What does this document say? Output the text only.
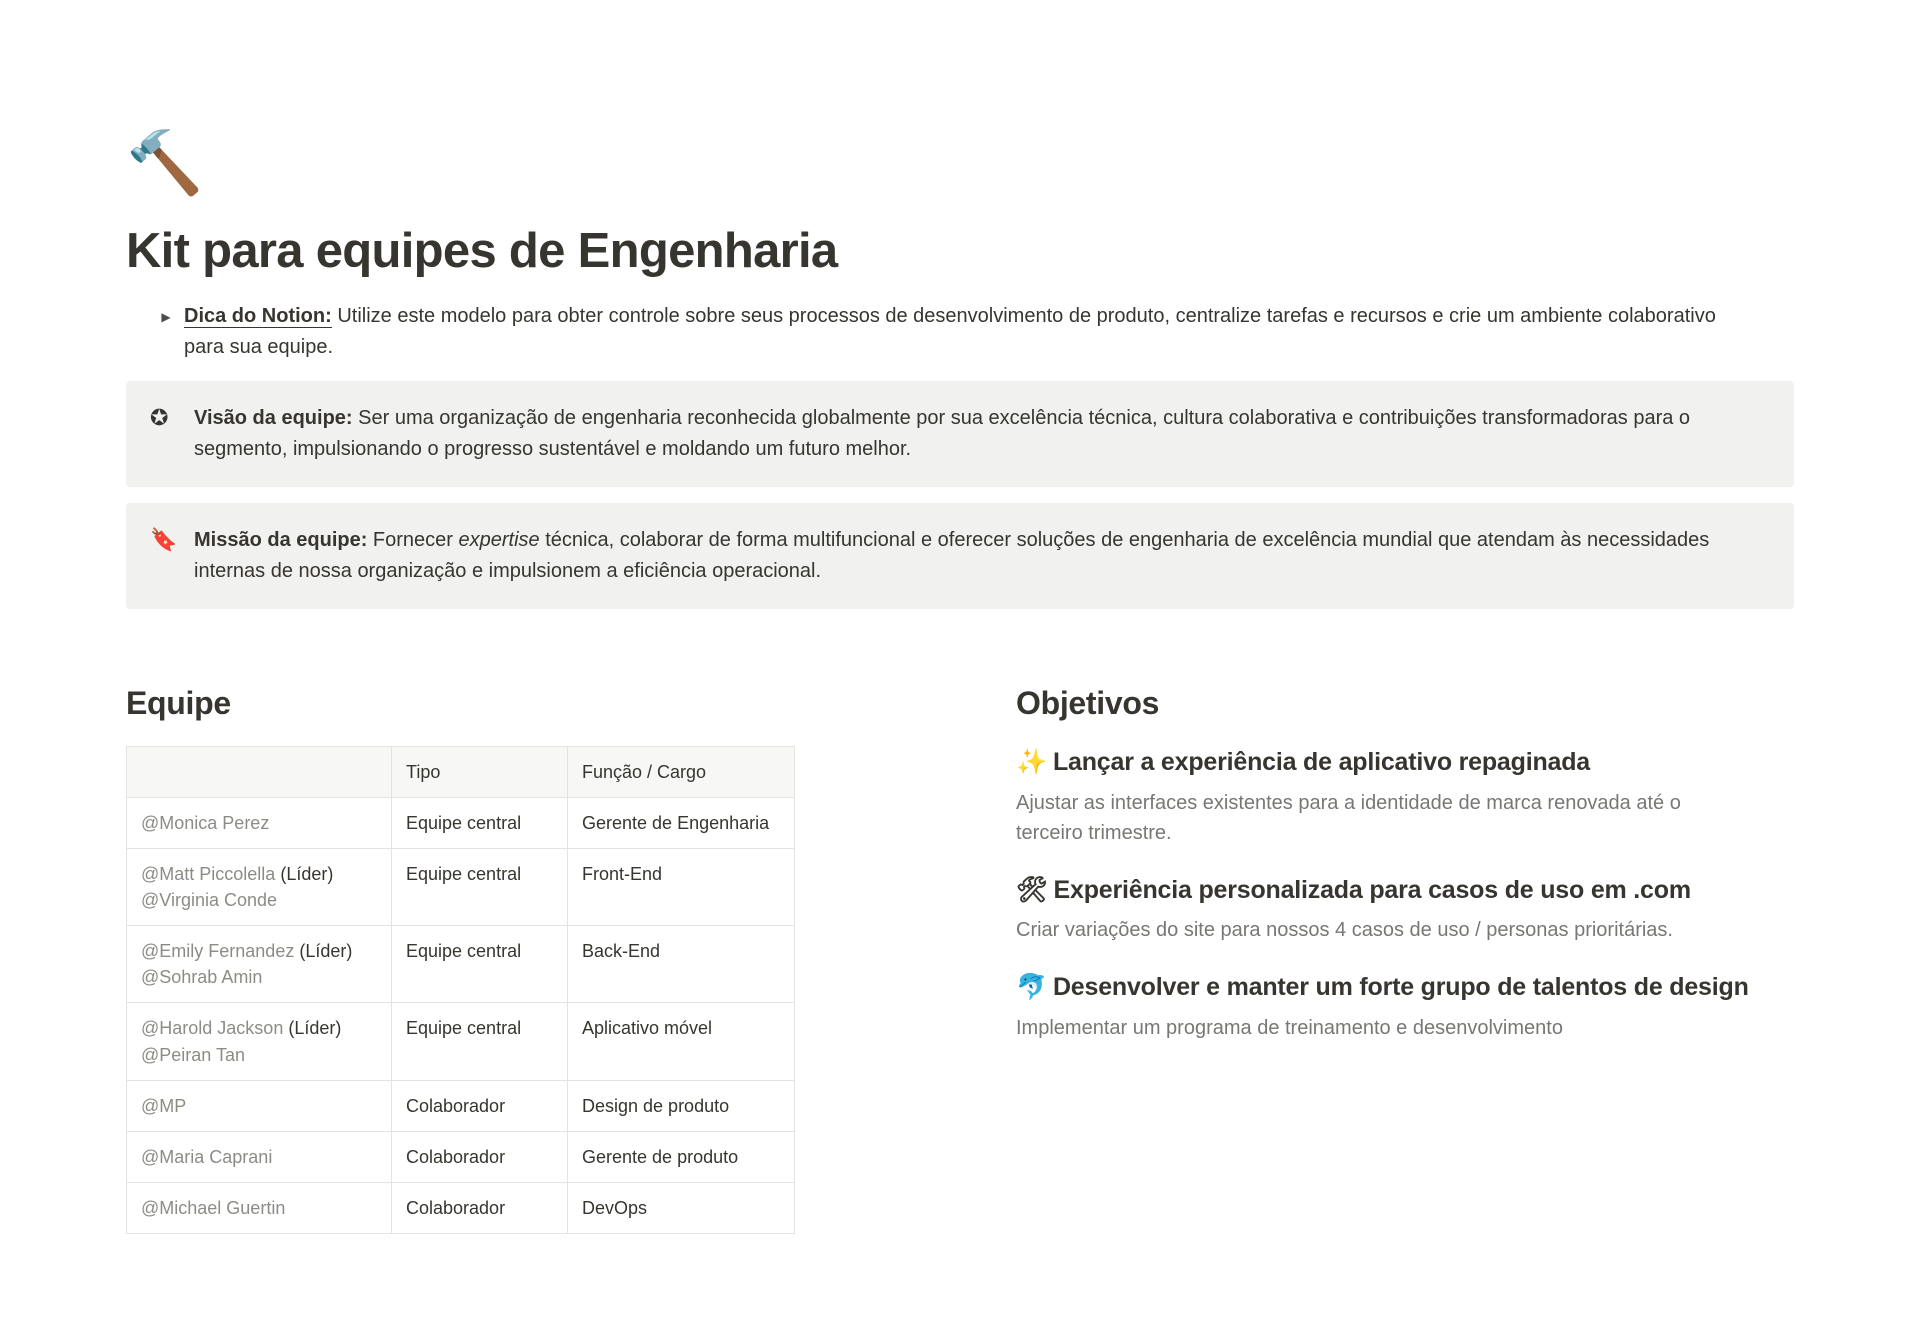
🔨
Kit para equipes de Engenharia
▶ Dica do Notion: Utilize este modelo para obter controle sobre seus processos de desenvolvimento de produto, centralize tarefas e recursos e crie um ambiente colaborativo para sua equipe.
✪	Visão da equipe: Ser uma organização de engenharia reconhecida globalmente por sua excelência técnica, cultura colaborativa e contribuições transformadoras para o segmento, impulsionando o progresso sustentável e moldando um futuro melhor.
🔖 Missão da equipe: Fornecer expertise técnica, colaborar de forma multifuncional e oferecer soluções de engenharia de excelência mundial que atendam às necessidades internas de nossa organização e impulsionem a eficiência operacional.
Equipe
	Tipo	Função / Cargo
@Monica Perez	Equipe central	Gerente de Engenharia
@Matt Piccolella (Líder)
@Virginia Conde	Equipe central	Front-End
@Emily Fernandez (Líder)
@Sohrab Amin	Equipe central	Back-End
@Harold Jackson (Líder)
@Peiran Tan	Equipe central	Aplicativo móvel
@MP	Colaborador	Design de produto
@Maria Caprani	Colaborador	Gerente de produto
@Michael Guertin	Colaborador	DevOps
Objetivos
✨ Lançar a experiência de aplicativo repaginada

Ajustar as interfaces existentes para a identidade de marca renovada até o terceiro trimestre.

🛠 Experiência personalizada para casos de uso em .com

Criar variações do site para nossos 4 casos de uso / personas prioritárias.

🐬 Desenvolver e manter um forte grupo de talentos de design

Implementar um programa de treinamento e desenvolvimento
